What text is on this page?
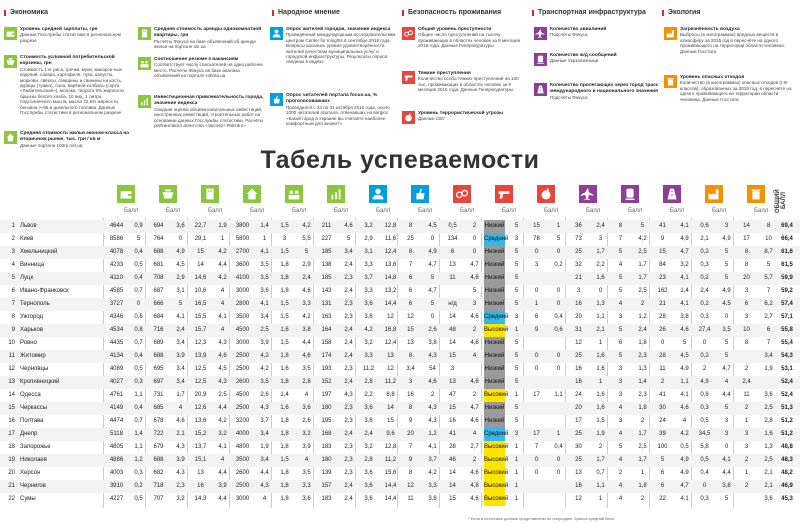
Экономика	Народное мнение	Безопасность проживания	Транспортная инфраструктура	Экология
Уровень средней зарплаты, грн
Данные Госслужбы статистики в региональном разрезе
Стоимость условной потребительской корзины, грн
Стоимость 1 кг риса, гречки, муки, макарон-ных изделий, сахара, картофеля, лука, капусты, моркови, свёклы, говядины и свинины на кость, курицы (тушка), сала, варёной колбасы (сорта «Любительская»), молока, творога 9% жирности, брынзы белого хлеба, 10 яиц, 1 литра подсолнечного масла, масла 72,5% жирности, бензина А-95 и дизельного топлива. Данные Госслужбы статистики в региональном разрезе
Средняя стоимость жилья эконом-класса на вторичном рынке, тыс. грн / кв м
Данные портала 100rp.net.ua
Средняя стоимость аренды однокомнатной квартиры, грн
Расчёты Фокуса на базе объявлений об аренде жилья на портале olx.ua
Соотношение резюме к вакансиям
Соответствует числу соискателей на одно рабочее место. Расчёты Фокуса на базе анализа объявлений на портале rabota.ua
Инвестиционная привлекательность города, значение индекса
Сводная оценка объёма капитальных инвестиций, иностранных инвестиций, строительных работ на основании данных Госслужбы статистики. Расчёты рейтингового агентства «Эксперт-Рейтинг»
Опрос жителей городов, значение индекса
Проведённый международным исследовательским центром Center for Insights в сентябре 2016 года. Вопросы касались уровня удовлетворённости жителей качеством муниципальных услуг и городской инфраструктуры. Результаты опроса сведены в индекс
Опрос читателей портала focus.ua, % проголосовавших
Проводился с 24 по 31 октября 2016 года, около 1000 читателей портала, отвечавших на вопрос «Какой город в Украине вы считаете наиболее комфортным для жизни?»
Общий уровень преступности
Общее число преступлений на тысячу проживающих в областях человек за 9 месяцев 2016 года. Данные Генпрокуратуры
Тяжкие преступления
Количество особо тяжких преступлений на 100 тыс. проживающих в областях человек за 9 месяцев 2016 года. Данные Генпрокуратуры
Уровень террористической угрозы
Данные СБУ
Количество авиалиний
Подсчёты Фокуса
Количество ж/д сообщений
Данные Укрзализныци
Количество пролегающих через город трасс международного и национального значения
Подсчёты Фокуса
Загрязнённость воздуха
Выбросы (в килограммах) вредных веществ в атмосферу за 2015 год в пересчёте на одного проживающего на территории области человека. Данные Госстата
Уровень опасных отходов
Количество (в килограммах) опасных отходов (I-III классов), образованных за 2015 год, в пересчёте на одного проживающего на территории области человека. Данные Госстата
Табель успеваемости
ОБЩИЙ БАЛЛ
Балл	Балл	Балл	Балл	Балл	Балл	Балл	Балл	Балл	Балл	Балл	Балл	Балл	Балл	Балл	Балл
1 Львов	4644	0,9	694	3,6	22,7	1,9	3800	1,4	1,5	4,2	211	4,6	3,2	12,8	8	4,5	0,5	2	Низкий	5	15	1	36	2,4	8	5	41	4,1	0,6	3	14	8	69,4
2 Киев	8586	5	764	0	29,1	1	5800	1	3	5,5	227	5	2,9	11,6	25	0	134	0	Средний	3	78	5	73	3	7	4,2	9	4,9	2,1	4,9	17	10	66,4
3 Хмельницкий	4078	0,4	688	4,9	15	4,2	2700	4,1	1,5	5	185	3,4	3,1	12,4	8	4,9	6	0	Низкий	5	0	0	25	1,7	5	2,5	15	4,7	0,2	5	8	8,7	61,6
4 Винница	4233	0,5	681	4,5	14	4,4	3600	3,5	1,8	2,9	138	2,4	3,3	13,6	7	4,7	13	4,7 Низкий	5	3	0,2	32	2,2	4	1,7	84	3,2	0,3	5	8	5	61,5
5 Луцк	4110	0,4	708	2,9	14,6	4,2	4100	3,5	1,8	2,4	185	2,3	3,7	14,8	6	5	11	4,6 Низкий	5	21	1,6	5	1,7	23	4,1	0,2	5	20	5,7	59,9
6 Ивано-Франковск	4585	0,7	687	3,1	10,6	4	3000	3,6	1,8	4,6	143	2,4	3,3	13,2	6	4,7	5	Низкий	5	0	0	3	0	5	2,5	162	1,4	2,4	4,9	3	7	59,2
7 Тернополь	3727	0	666	5	16,5	4	2800	4,1	1,5	3,3	131	2,3	3,6	14,4	6	5	н/д	3	Низкий	5	1	0	16	1,3	4	2	21	4,1	0,2	4,5	6	6,2	57,4
8 Ужгород	4346	0,6	684	4,1	15,5	4,1	3500	3,4	1,5	4,2	163	2,3	3,6	12	12	0	14	4,6 Средний	3	6	0,4	20	1,1	3	1,2	28	3,8	0,3	0	3	2,7	57,1
9 Харьков	4534	0,8	716	2,4	15,7	4	4500	2,5	1,6	3,8	164	2,4	4,2	16,8	15	2,6	48	2	Высокий	1	9	0,6	31	2,1	5	2,4	26	4,6	27,4	3,5	10	6	55,8
10 Ровно	4435	0,7	689	3,4	12,3	4,3	3000	3,9	1,5	4,4	158	2,4	3,2	12,4	13	3,8	14	4,8 Низкий	5	12	1	6	1,8	0	5	0	5	8	7	55,4
11 Житомир	4134	0,4	688	3,9	13,9	4,6	2500	4,2	1,8	4,6	174	2,4	3,3	13	8	4,3	15	4	Низкий	5	0	0	25	1,6	5	2,3	28	4,5	0,2	5	3,4	54,3
12 Черновцы	4089	0,5	695	3,4	12,5	4,5	2500	4,2	1,6	3,5	193	2,3	11,2	12	3,4	54	3	Низкий	5	0	0	16	1,6	3	1,3	11	4,9	2	4,7	2	1,9	53,1
13 Кропивницкий	4027	0,3	697	3,4	12,5	4,3	2600	3,5	1,8	2,8	152	2,4	2,8	11,2	3	4,6	13	4,6 Низкий	5	16	1	3	1,4	2	1,1	4,9	4	2,4	52,4
14 Одесса	4761	1,1	731	1,7	20,9	2,5	4500	2,6	1,4	4	197	4,3	2,2	8,8	16	2	47	2	Высокий	1	17	1,1	24	1,6	3	2,3	41	4,1	0,8	4,4	11	3,6	52,4
15 Черкассы	4149	0,4	685	4	12,6	4,4	2500	4,3	1,6	3,6	180	2,3	3,6	14	8	4,3	15	4,7 Низкий	5	20	1,6	4	1,8	30	4,6	0,3	5	2	2,5	51,3
16 Полтава	4474	0,7	678	4,6	13,6	4,2	3200	3,7	1,8	2,6	195	2,3	3,6	15	9	4,3	16	4,6 Низкий	5	17	1,5	3	2	24	4	0,5	3	1	2,8	51,2
17 Днепр	5118	1,4	722	2,1	15,2	3,2	4000	3,4	1,8	3,2	168	2,4	2,4	9,6	20	1,2	41	4	Средний	3	17	1	25	1,9	4	1,7	39	4,2	34,5	3	3	1,6	51,2
18 Запорожье	4805	1,1	679	4,3	13,7	4,1	4800	1,9	1,8	3,9	183	2,3	3,2	12,8	7	4,1	28	2,7 Высокий	1	7	0,4	30	2	5	2,5	100	0,5	5,8	0	3	1,3	48,8
19 Николаев	4886	1,2	688	3,9	15,1	4	3500	3,4	1,5	4	180	2,3	2,8	11,2	9	3,7	46	2	Высокий	1	0	0	25	1,7	4	1,7	5	4,9	0,5	4,1	2	2,5	48,3
20 Херсон	4003	0,3	682	4,3	13	4,4	2600	4,4	1,8	3,5	139	2,3	3,6	15,6	8	4,2	14	4,6 Высокий	1	0	0	13	0,7	2	1	6	4,9	0,4	4,4	1	2,1	48,2
21 Чернигов	3910	0,2	718	2,3	16	3,9	2500	4,3	1,8	3,3	157	2,4	3,6	14,4	12	3,3	14	4,8 Высокий	1	16	1,1	4	1,8	6	4,7	0	3,8	2	2,1	46,9
22 Сумы	4227	0,5	707	3,2	14,3	4,4	3000	4	1,8	3,6	183	2,4	3,6	14,4	11	3,8	15	4,6 Высокий	1	12	1	4	2	22	4,1	0,3	5	3,6	45,3
* Если в источнике данные представлены по полугодию, брался средний балл
